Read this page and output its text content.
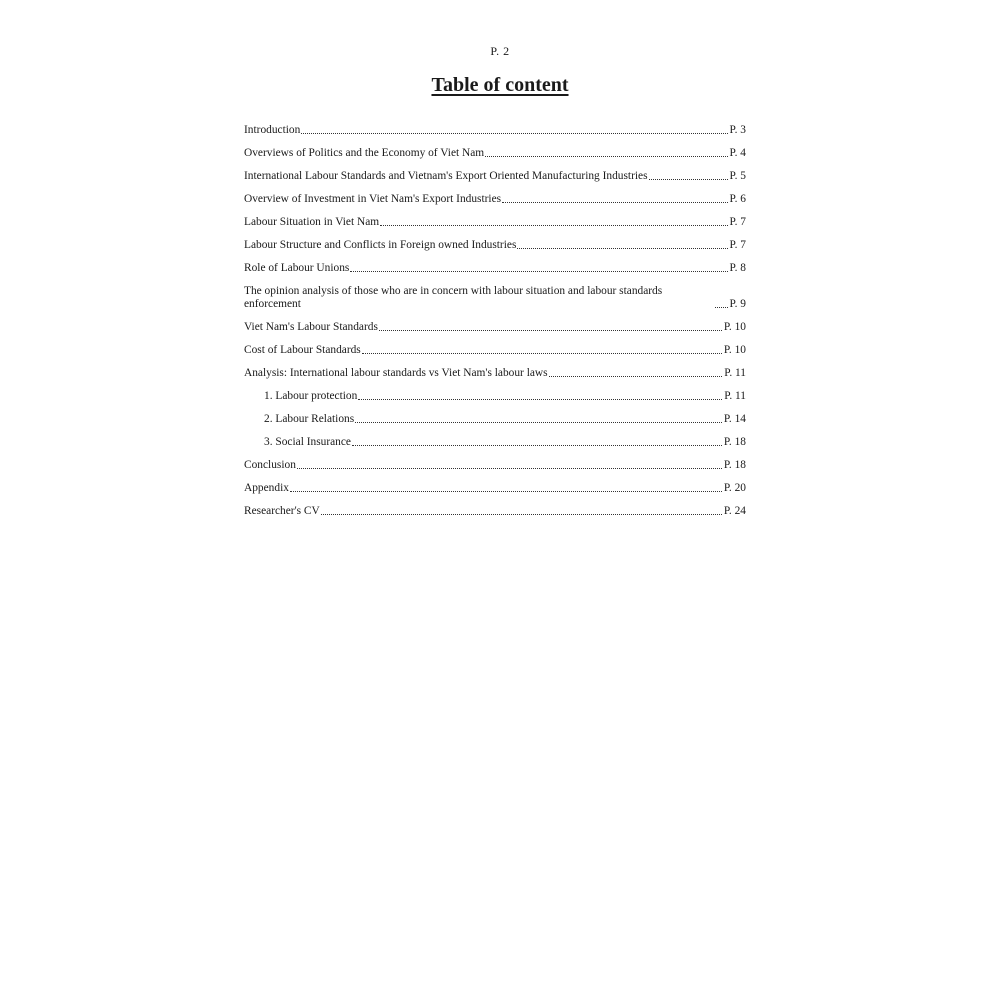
P. 2
Table of content
Introduction	P. 3
Overviews of Politics and the Economy of Viet Nam	P. 4
International Labour Standards and Vietnam's Export Oriented Manufacturing Industries	P. 5
Overview of Investment in Viet Nam's Export Industries	P. 6
Labour Situation in Viet Nam	P. 7
Labour Structure and Conflicts in Foreign owned Industries	P. 7
Role of Labour Unions	P. 8
The opinion analysis of those who are in concern with labour situation and labour standards enforcement	P. 9
Viet Nam's Labour Standards	P. 10
Cost of Labour Standards	P. 10
Analysis: International labour standards vs Viet Nam's labour laws	P. 11
1. Labour protection	P. 11
2. Labour Relations	P. 14
3. Social Insurance	P. 18
Conclusion	P. 18
Appendix	P. 20
Researcher's CV	P. 24
